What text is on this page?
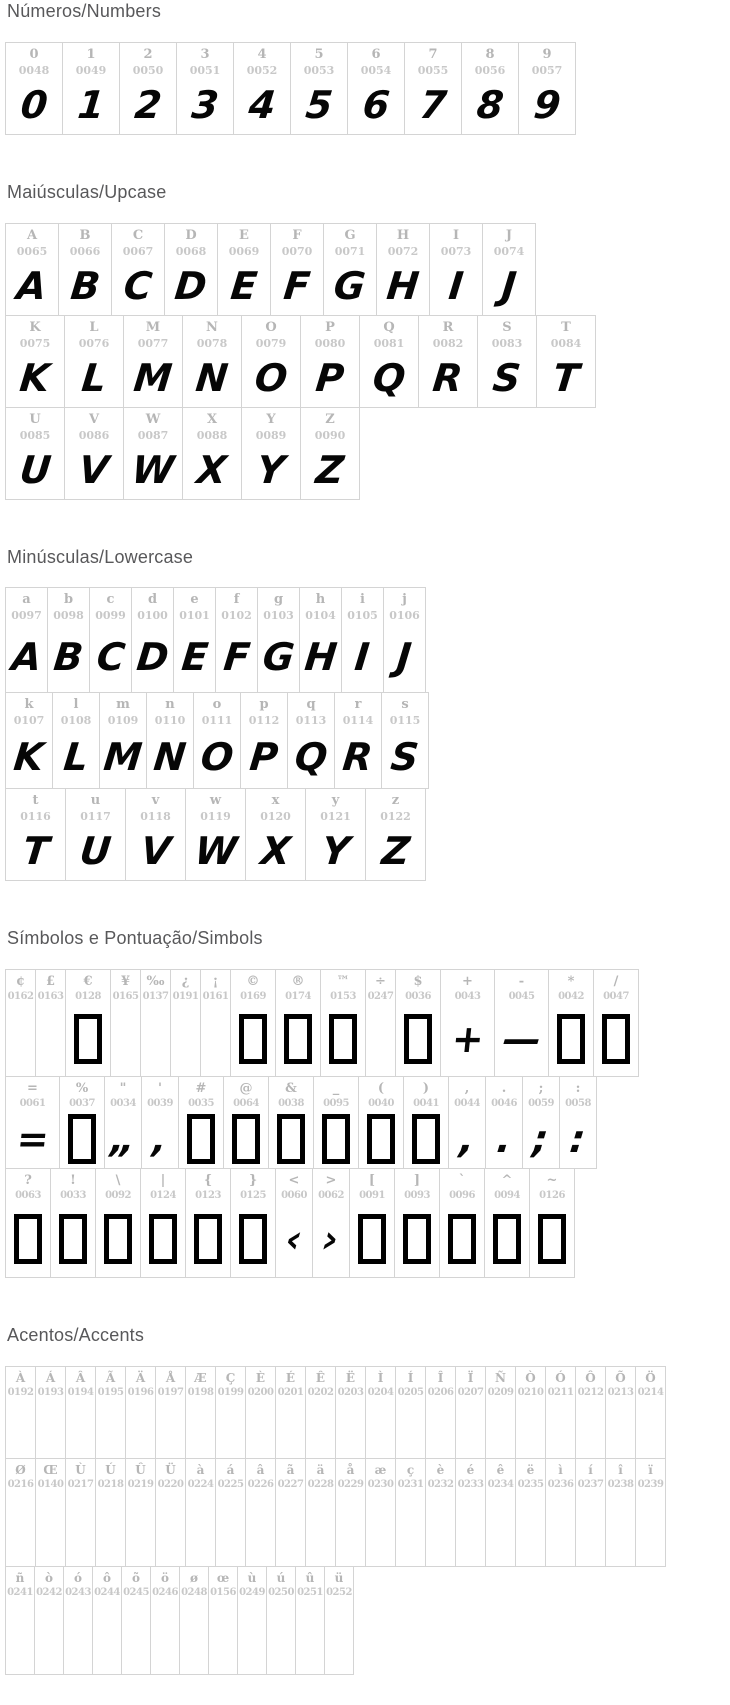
Números/Numbers
0
0048
0
1
0049
1
2
0050
2
3
0051
3
4
0052
4
5
0053
5
6
0054
6
7
0055
7
8
0056
8
9
0057
9
Maiúsculas/Upcase
A
0065
A
B
0066
B
C
0067
C
D
0068
D
E
0069
E
F
0070
F
G
0071
G
H
0072
H
I
0073
I
J
0074
J
K
0075
K
L
0076
L
M
0077
M
N
0078
N
O
0079
O
P
0080
P
Q
0081
Q
R
0082
R
S
0083
S
T
0084
T
U
0085
U
V
0086
V
W
0087
W
X
0088
X
Y
0089
Y
Z
0090
Z
Minúsculas/Lowercase
a
0097
A
b
0098
B
c
0099
C
d
0100
D
e
0101
E
f
0102
F
g
0103
G
h
0104
H
i
0105
I
j
0106
J
k
0107
K
l
0108
L
m
0109
M
n
0110
N
o
0111
O
p
0112
P
q
0113
Q
r
0114
R
s
0115
S
t
0116
T
u
0117
U
v
0118
V
w
0119
W
x
0120
X
y
0121
Y
z
0122
Z
Símbolos e Pontuação/Simbols
¢
0162
£
0163
€
0128
¥
0165
‰
0137
¿
0191
¡
0161
©
0169
®
0174
™
0153
÷
0247
$
0036
+
0043
+
-
0045
—
*
0042
/
0047
=
0061
=
%
0037
"
0034
„
'
0039
‚
#
0035
@
0064
&
0038
_
0095
(
0040
)
0041
,
0044
,
.
0046
.
;
0059
;
:
0058
:
?
0063
!
0033
\
0092
|
0124
{
0123
}
0125
<
0060
‹
>
0062
›
[
0091
]
0093
`
0096
^
0094
~
0126
Acentos/Accents
À
0192
Á
0193
Â
0194
Ã
0195
Ä
0196
Å
0197
Æ
0198
Ç
0199
È
0200
É
0201
Ê
0202
Ë
0203
Ì
0204
Í
0205
Î
0206
Ï
0207
Ñ
0209
Ò
0210
Ó
0211
Ô
0212
Õ
0213
Ö
0214
Ø
0216
Œ
0140
Ù
0217
Ú
0218
Û
0219
Ü
0220
à
0224
á
0225
â
0226
ã
0227
ä
0228
å
0229
æ
0230
ç
0231
è
0232
é
0233
ê
0234
ë
0235
ì
0236
í
0237
î
0238
ï
0239
ñ
0241
ò
0242
ó
0243
ô
0244
õ
0245
ö
0246
ø
0248
œ
0156
ù
0249
ú
0250
û
0251
ü
0252
